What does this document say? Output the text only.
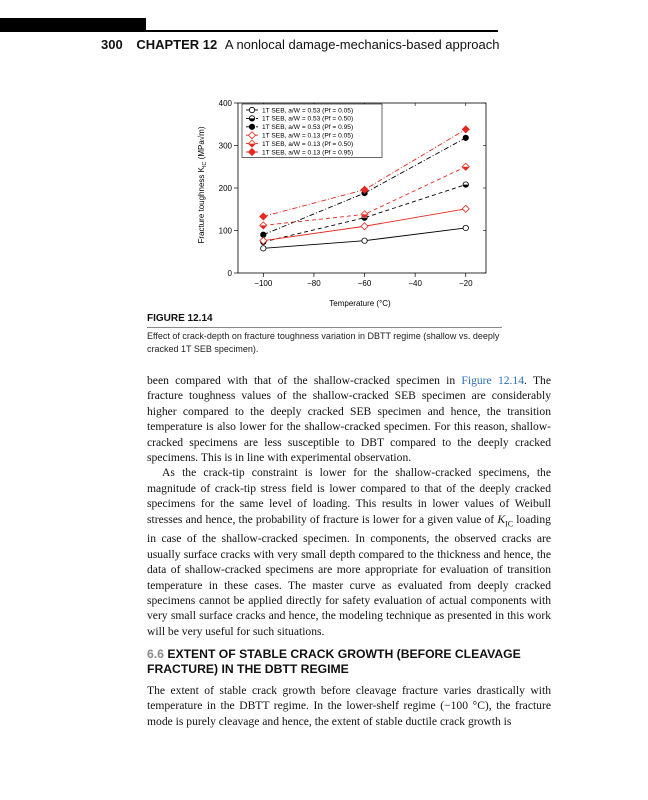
300 CHAPTER 12 A nonlocal damage-mechanics-based approach
Fracture toughness $K_{IC}$ (MPa√m)
−100	−80	−60	−40	−20
0
100
200
300
400
1T SEB, a/W = 0.53 (Pf = 0.05)
1T SEB, a/W = 0.53 (Pf = 0.50)
1T SEB, a/W = 0.53 (Pf = 0.95)
1T SEB, a/W = 0.13 (Pf = 0.05)
1T SEB, a/W = 0.13 (Pf = 0.50)
1T SEB, a/W = 0.13 (Pf = 0.95)
Temperature (°C)
FIGURE 12.14
Effect of crack-depth on fracture toughness variation in DBTT regime (shallow vs. deeply cracked 1T SEB specimen).

been compared with that of the shallow-cracked specimen in Figure 12.14. The fracture toughness values of the shallow-cracked SEB specimen are considerably higher compared to the deeply cracked SEB specimen and hence, the transition temperature is also lower for the shallow-cracked specimen. For this reason, shallow-cracked specimens are less susceptible to DBT compared to the deeply cracked specimens. This is in line with experimental observation.

As the crack-tip constraint is lower for the shallow-cracked specimens, the magnitude of crack-tip stress field is lower compared to that of the deeply cracked specimens for the same level of loading. This results in lower values of Weibull stresses and hence, the probability of fracture is lower for a given value of $K_{IC}$ loading in case of the shallow-cracked specimen. In components, the observed cracks are usually surface cracks with very small depth compared to the thickness and hence, the data of shallow-cracked specimens are more appropriate for evaluation of transition temperature in these cases. The master curve as evaluated from deeply cracked specimens cannot be applied directly for safety evaluation of actual components with very small surface cracks and hence, the modeling technique as presented in this work will be very useful for such situations.

6.6 EXTENT OF STABLE CRACK GROWTH (BEFORE CLEAVAGE FRACTURE) IN THE DBTT REGIME

The extent of stable crack growth before cleavage fracture varies drastically with temperature in the DBTT regime. In the lower-shelf regime (−100 °C), the fracture mode is purely cleavage and hence, the extent of stable ductile crack growth is
